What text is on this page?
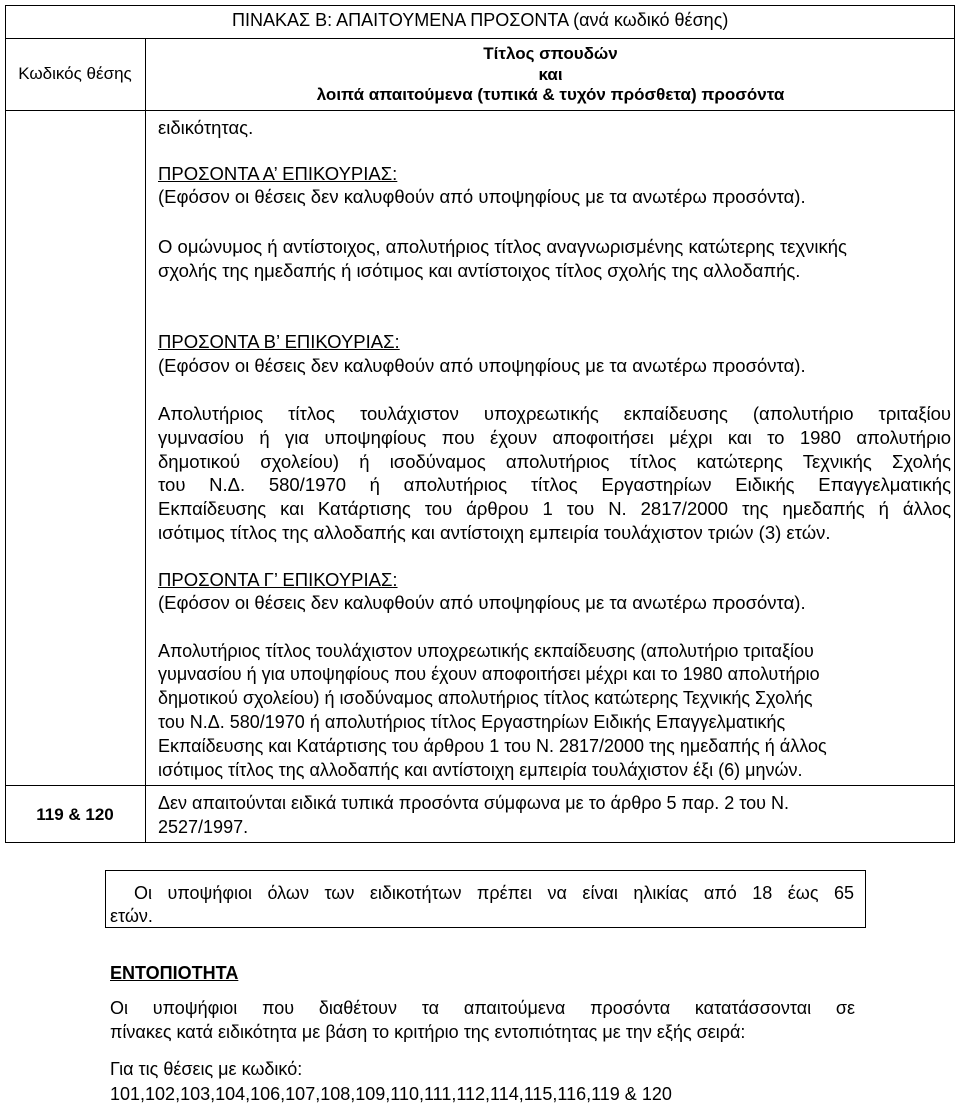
ΠΙΝΑΚΑΣ Β: ΑΠΑΙΤΟΥΜΕΝΑ ΠΡΟΣΟΝΤΑ (ανά κωδικό θέσης)
Κωδικός θέσης
Τίτλος σπουδών
και
λοιπά απαιτούμενα (τυπικά & τυχόν πρόσθετα) προσόντα
ειδικότητας.
ΠΡΟΣΟΝΤΑ Α’ ΕΠΙΚΟΥΡΙΑΣ:
(Εφόσον οι θέσεις δεν καλυφθούν από υποψηφίους με τα ανωτέρω προσόντα).
Ο ομώνυμος ή αντίστοιχος, απολυτήριος τίτλος αναγνωρισμένης κατώτερης τεχνικής
σχολής της ημεδαπής ή ισότιμος και αντίστοιχος τίτλος σχολής της αλλοδαπής.
ΠΡΟΣΟΝΤΑ Β’ ΕΠΙΚΟΥΡΙΑΣ:
(Εφόσον οι θέσεις δεν καλυφθούν από υποψηφίους με τα ανωτέρω προσόντα).
Απολυτήριος τίτλος τουλάχιστον υποχρεωτικής εκπαίδευσης (απολυτήριο τριταξίου
γυμνασίου ή για υποψηφίους που έχουν αποφοιτήσει μέχρι και το 1980 απολυτήριο
δημοτικού σχολείου) ή ισοδύναμος απολυτήριος τίτλος κατώτερης Τεχνικής Σχολής
του Ν.Δ. 580/1970 ή απολυτήριος τίτλος Εργαστηρίων Ειδικής Επαγγελματικής
Εκπαίδευσης και Κατάρτισης του άρθρου 1 του Ν. 2817/2000 της ημεδαπής ή άλλος
ισότιμος τίτλος της αλλοδαπής και αντίστοιχη εμπειρία τουλάχιστον τριών (3) ετών.
ΠΡΟΣΟΝΤΑ Γ’ ΕΠΙΚΟΥΡΙΑΣ:
(Εφόσον οι θέσεις δεν καλυφθούν από υποψηφίους με τα ανωτέρω προσόντα).
Απολυτήριος τίτλος τουλάχιστον υποχρεωτικής εκπαίδευσης (απολυτήριο τριταξίου
γυμνασίου ή για υποψηφίους που έχουν αποφοιτήσει μέχρι και το 1980 απολυτήριο
δημοτικού σχολείου) ή ισοδύναμος απολυτήριος τίτλος κατώτερης Τεχνικής Σχολής
του Ν.Δ. 580/1970 ή απολυτήριος τίτλος Εργαστηρίων Ειδικής Επαγγελματικής
Εκπαίδευσης και Κατάρτισης του άρθρου 1 του Ν. 2817/2000 της ημεδαπής ή άλλος
ισότιμος τίτλος της αλλοδαπής και αντίστοιχη εμπειρία τουλάχιστον έξι (6) μηνών.
119 & 120
Δεν απαιτούνται ειδικά τυπικά προσόντα σύμφωνα με το άρθρο 5 παρ. 2 του Ν.
2527/1997.
Οι υποψήφιοι όλων των ειδικοτήτων πρέπει να είναι ηλικίας από 18 έως 65
ετών.
ΕΝΤΟΠΙΟΤΗΤΑ
Οι υποψήφιοι που διαθέτουν τα απαιτούμενα προσόντα κατατάσσονται σε
πίνακες κατά ειδικότητα με βάση το κριτήριο της εντοπιότητας με την εξής σειρά:
Για τις θέσεις με κωδικό:
101,102,103,104,106,107,108,109,110,111,112,114,115,116,119 & 120
